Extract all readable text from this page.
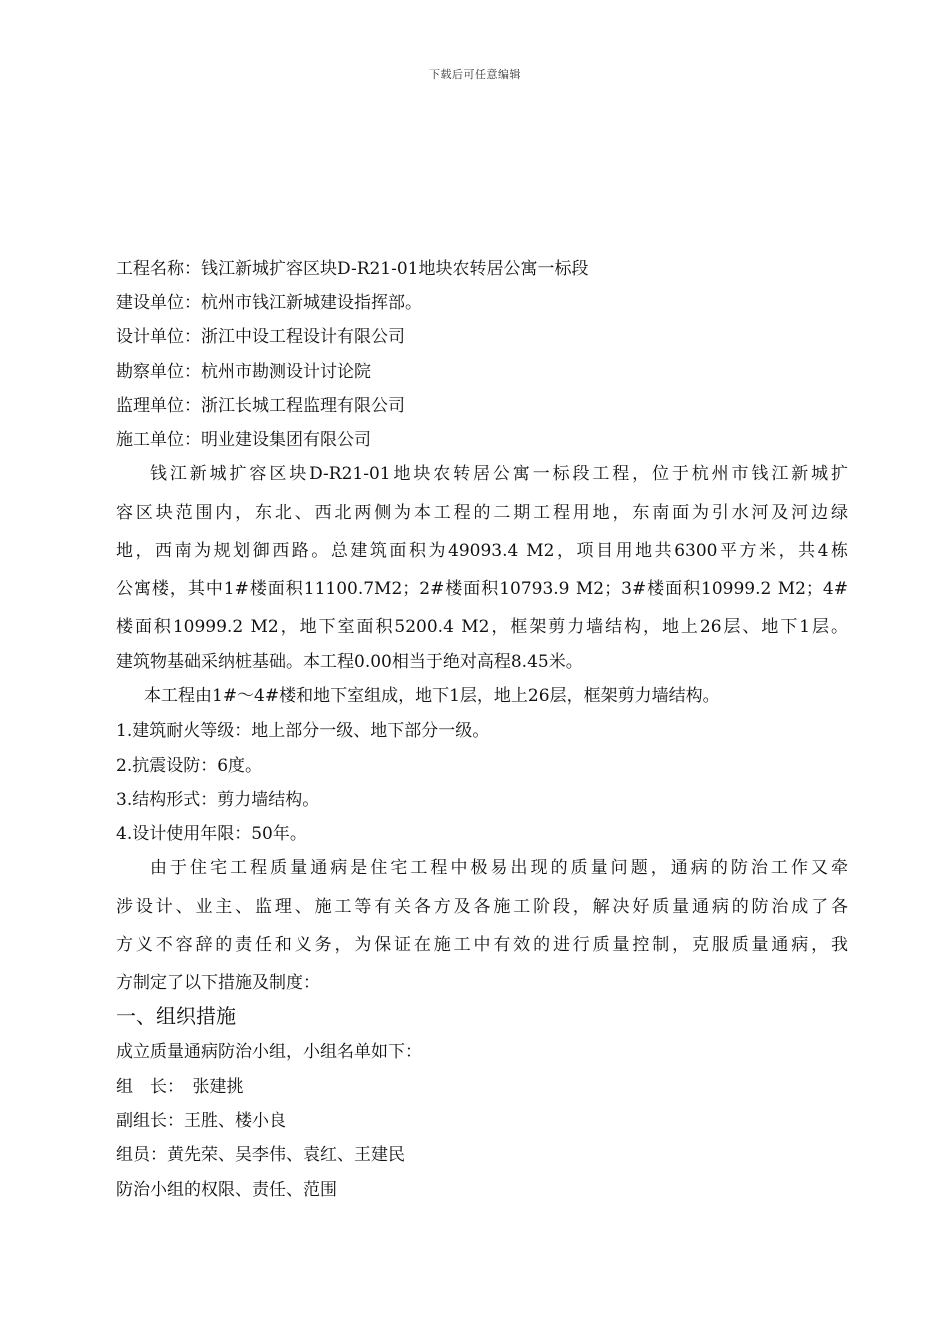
下载后可任意编辑
工程名称：钱江新城扩容区块D-R21-01地块农转居公寓一标段
建设单位：杭州市钱江新城建设指挥部。
设计单位：浙江中设工程设计有限公司
勘察单位：杭州市勘测设计讨论院
监理单位：浙江长城工程监理有限公司
施工单位：明业建设集团有限公司
钱江新城扩容区块D-R21-01地块农转居公寓一标段工程，位于杭州市钱江新城扩
容区块范围内，东北、西北两侧为本工程的二期工程用地，东南面为引水河及河边绿
地，西南为规划御西路。总建筑面积为49093.4 M2，项目用地共6300平方米，共4栋
公寓楼，其中1#楼面积11100.7M2；2#楼面积10793.9 M2；3#楼面积10999.2 M2；4#
楼面积10999.2 M2，地下室面积5200.4 M2，框架剪力墙结构，地上26层、地下1层。
建筑物基础采纳桩基础。本工程0.00相当于绝对高程8.45米。
本工程由1#～4#楼和地下室组成，地下1层，地上26层，框架剪力墙结构。
1.建筑耐火等级：地上部分一级、地下部分一级。
2.抗震设防：6度。
3.结构形式：剪力墙结构。
4.设计使用年限：50年。
由于住宅工程质量通病是住宅工程中极易出现的质量问题，通病的防治工作又牵
涉设计、业主、监理、施工等有关各方及各施工阶段，解决好质量通病的防治成了各
方义不容辞的责任和义务，为保证在施工中有效的进行质量控制，克服质量通病，我
方制定了以下措施及制度：
一、组织措施
成立质量通病防治小组，小组名单如下：
组　长：　张建挑
副组长：王胜、楼小良
组员：黄先荣、吴李伟、袁红、王建民
防治小组的权限、责任、范围
